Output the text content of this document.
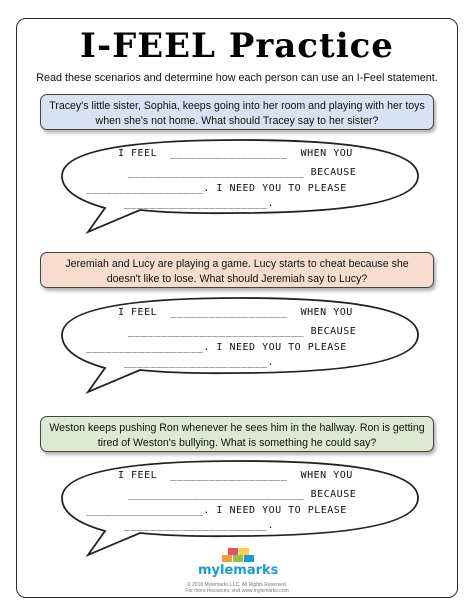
I-FEEL Practice
Read these scenarios and determine how each person can use an I-Feel statement.
Tracey's little sister, Sophia, keeps going into her room and playing with her toys when she's not home. What should Tracey say to her sister?
Jeremiah and Lucy are playing a game. Lucy starts to cheat because she doesn't like to lose. What should Jeremiah say to Lucy?
Weston keeps pushing Ron whenever he sees him in the hallway. Ron is getting tired of Weston's bullying. What is something he could say?
I FEEL __________________ WHEN YOU
___________________________ BECAUSE
__________________. I NEED YOU TO PLEASE
______________________.
I FEEL __________________ WHEN YOU
___________________________ BECAUSE
__________________. I NEED YOU TO PLEASE
______________________.
I FEEL __________________ WHEN YOU
___________________________ BECAUSE
__________________. I NEED YOU TO PLEASE
______________________.
mylemarks
© 2016 Mylemarks LLC. All Rights Reserved.
For more resources, visit www.mylemarks.com
